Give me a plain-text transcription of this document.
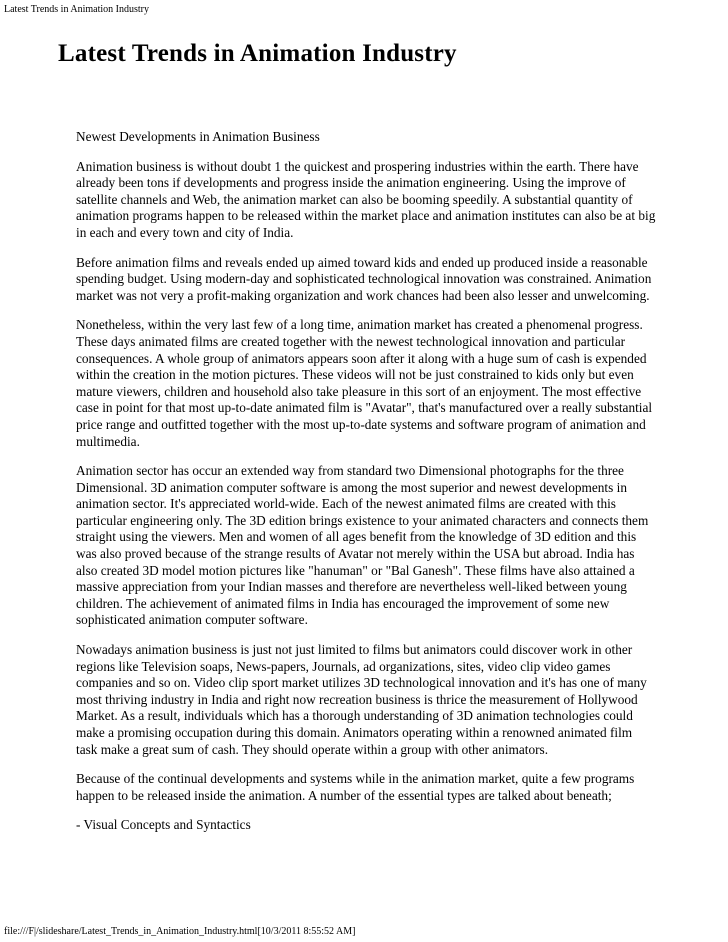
Latest Trends in Animation Industry
Latest Trends in Animation Industry

Newest Developments in Animation Business

Animation business is without doubt 1 the quickest and prospering industries within the earth. There have already been tons if developments and progress inside the animation engineering. Using the improve of satellite channels and Web, the animation market can also be booming speedily. A substantial quantity of animation programs happen to be released within the market place and animation institutes can also be at big in each and every town and city of India.

Before animation films and reveals ended up aimed toward kids and ended up produced inside a reasonable spending budget. Using modern-day and sophisticated technological innovation was constrained. Animation market was not very a profit-making organization and work chances had been also lesser and unwelcoming.

Nonetheless, within the very last few of a long time, animation market has created a phenomenal progress. These days animated films are created together with the newest technological innovation and particular consequences. A whole group of animators appears soon after it along with a huge sum of cash is expended within the creation in the motion pictures. These videos will not be just constrained to kids only but even mature viewers, children and household also take pleasure in this sort of an enjoyment. The most effective case in point for that most up-to-date animated film is "Avatar", that's manufactured over a really substantial price range and outfitted together with the most up-to-date systems and software program of animation and multimedia.

Animation sector has occur an extended way from standard two Dimensional photographs for the three Dimensional. 3D animation computer software is among the most superior and newest developments in animation sector. It's appreciated world-wide. Each of the newest animated films are created with this particular engineering only. The 3D edition brings existence to your animated characters and connects them straight using the viewers. Men and women of all ages benefit from the knowledge of 3D edition and this was also proved because of the strange results of Avatar not merely within the USA but abroad. India has also created 3D model motion pictures like "hanuman" or "Bal Ganesh". These films have also attained a massive appreciation from your Indian masses and therefore are nevertheless well-liked between young children. The achievement of animated films in India has encouraged the improvement of some new sophisticated animation computer software.

Nowadays animation business is just not just limited to films but animators could discover work in other regions like Television soaps, News-papers, Journals, ad organizations, sites, video clip video games companies and so on. Video clip sport market utilizes 3D technological innovation and it's has one of many most thriving industry in India and right now recreation business is thrice the measurement of Hollywood Market. As a result, individuals which has a thorough understanding of 3D animation technologies could make a promising occupation during this domain. Animators operating within a renowned animated film task make a great sum of cash. They should operate within a group with other animators.

Because of the continual developments and systems while in the animation market, quite a few programs happen to be released inside the animation. A number of the essential types are talked about beneath;

- Visual Concepts and Syntactics

file:///F|/slideshare/Latest_Trends_in_Animation_Industry.html[10/3/2011 8:55:52 AM]
